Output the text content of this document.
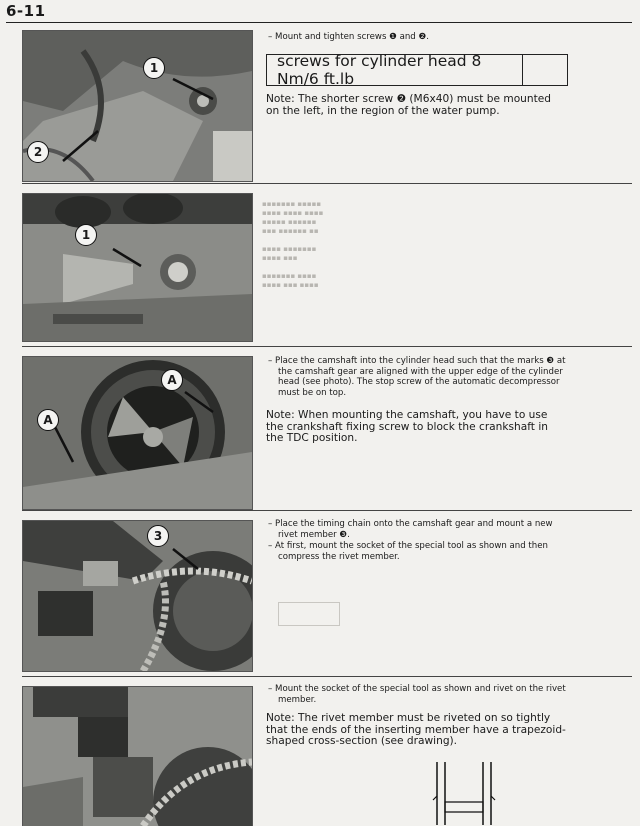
6-11
▪▪▪▪▪▪▪ ▪▪▪▪▪
▪▪▪▪ ▪▪▪▪ ▪▪▪▪
▪▪▪▪▪ ▪▪▪▪▪▪
▪▪▪ ▪▪▪▪▪▪ ▪▪

▪▪▪▪ ▪▪▪▪▪▪▪
▪▪▪▪ ▪▪▪

▪▪▪▪▪▪▪ ▪▪▪▪
▪▪▪▪ ▪▪▪ ▪▪▪▪
1
2

– Mount and tighten screws ❶ and ❷.

screws for cylinder head 8 Nm/6 ft.lb

Note: The shorter screw ❷ (M6x40) must be mounted on the left, in the region of the water pump.

1
A
A

– Place the camshaft into the cylinder head such that the marks ❸ at the camshaft gear are aligned with the upper edge of the cylinder head (see photo). The stop screw of the automatic decompressor must be on top.

Note: When mounting the camshaft, you have to use the crankshaft fixing screw to block the crankshaft in the TDC position.

3

– Place the timing chain onto the camshaft gear and mount a new rivet member ❸.

– At first, mount the socket of the special tool as shown and then compress the rivet member.

– Mount the socket of the special tool as shown and rivet on the rivet member.

Note: The rivet member must be riveted on so tightly that the ends of the inserting member have a trapezoid-shaped cross-section (see drawing).
